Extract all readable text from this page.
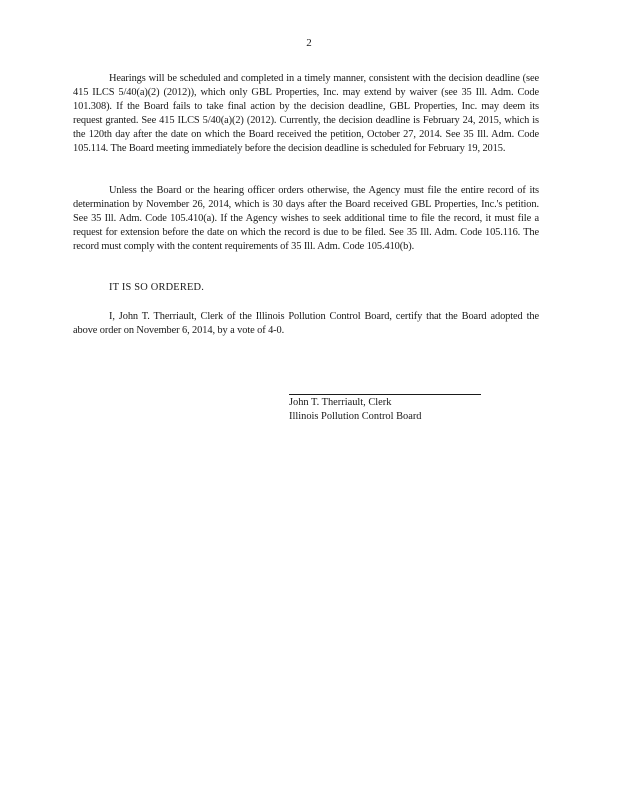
2

Hearings will be scheduled and completed in a timely manner, consistent with the decision deadline (see 415 ILCS 5/40(a)(2) (2012)), which only GBL Properties, Inc. may extend by waiver (see 35 Ill. Adm. Code 101.308). If the Board fails to take final action by the decision deadline, GBL Properties, Inc. may deem its request granted. See 415 ILCS 5/40(a)(2) (2012). Currently, the decision deadline is February 24, 2015, which is the 120th day after the date on which the Board received the petition, October 27, 2014. See 35 Ill. Adm. Code 105.114. The Board meeting immediately before the decision deadline is scheduled for February 19, 2015.

Unless the Board or the hearing officer orders otherwise, the Agency must file the entire record of its determination by November 26, 2014, which is 30 days after the Board received GBL Properties, Inc.'s petition. See 35 Ill. Adm. Code 105.410(a). If the Agency wishes to seek additional time to file the record, it must file a request for extension before the date on which the record is due to be filed. See 35 Ill. Adm. Code 105.116. The record must comply with the content requirements of 35 Ill. Adm. Code 105.410(b).

IT IS SO ORDERED.

I, John T. Therriault, Clerk of the Illinois Pollution Control Board, certify that the Board adopted the above order on November 6, 2014, by a vote of 4-0.

John T. Therriault, Clerk
Illinois Pollution Control Board
